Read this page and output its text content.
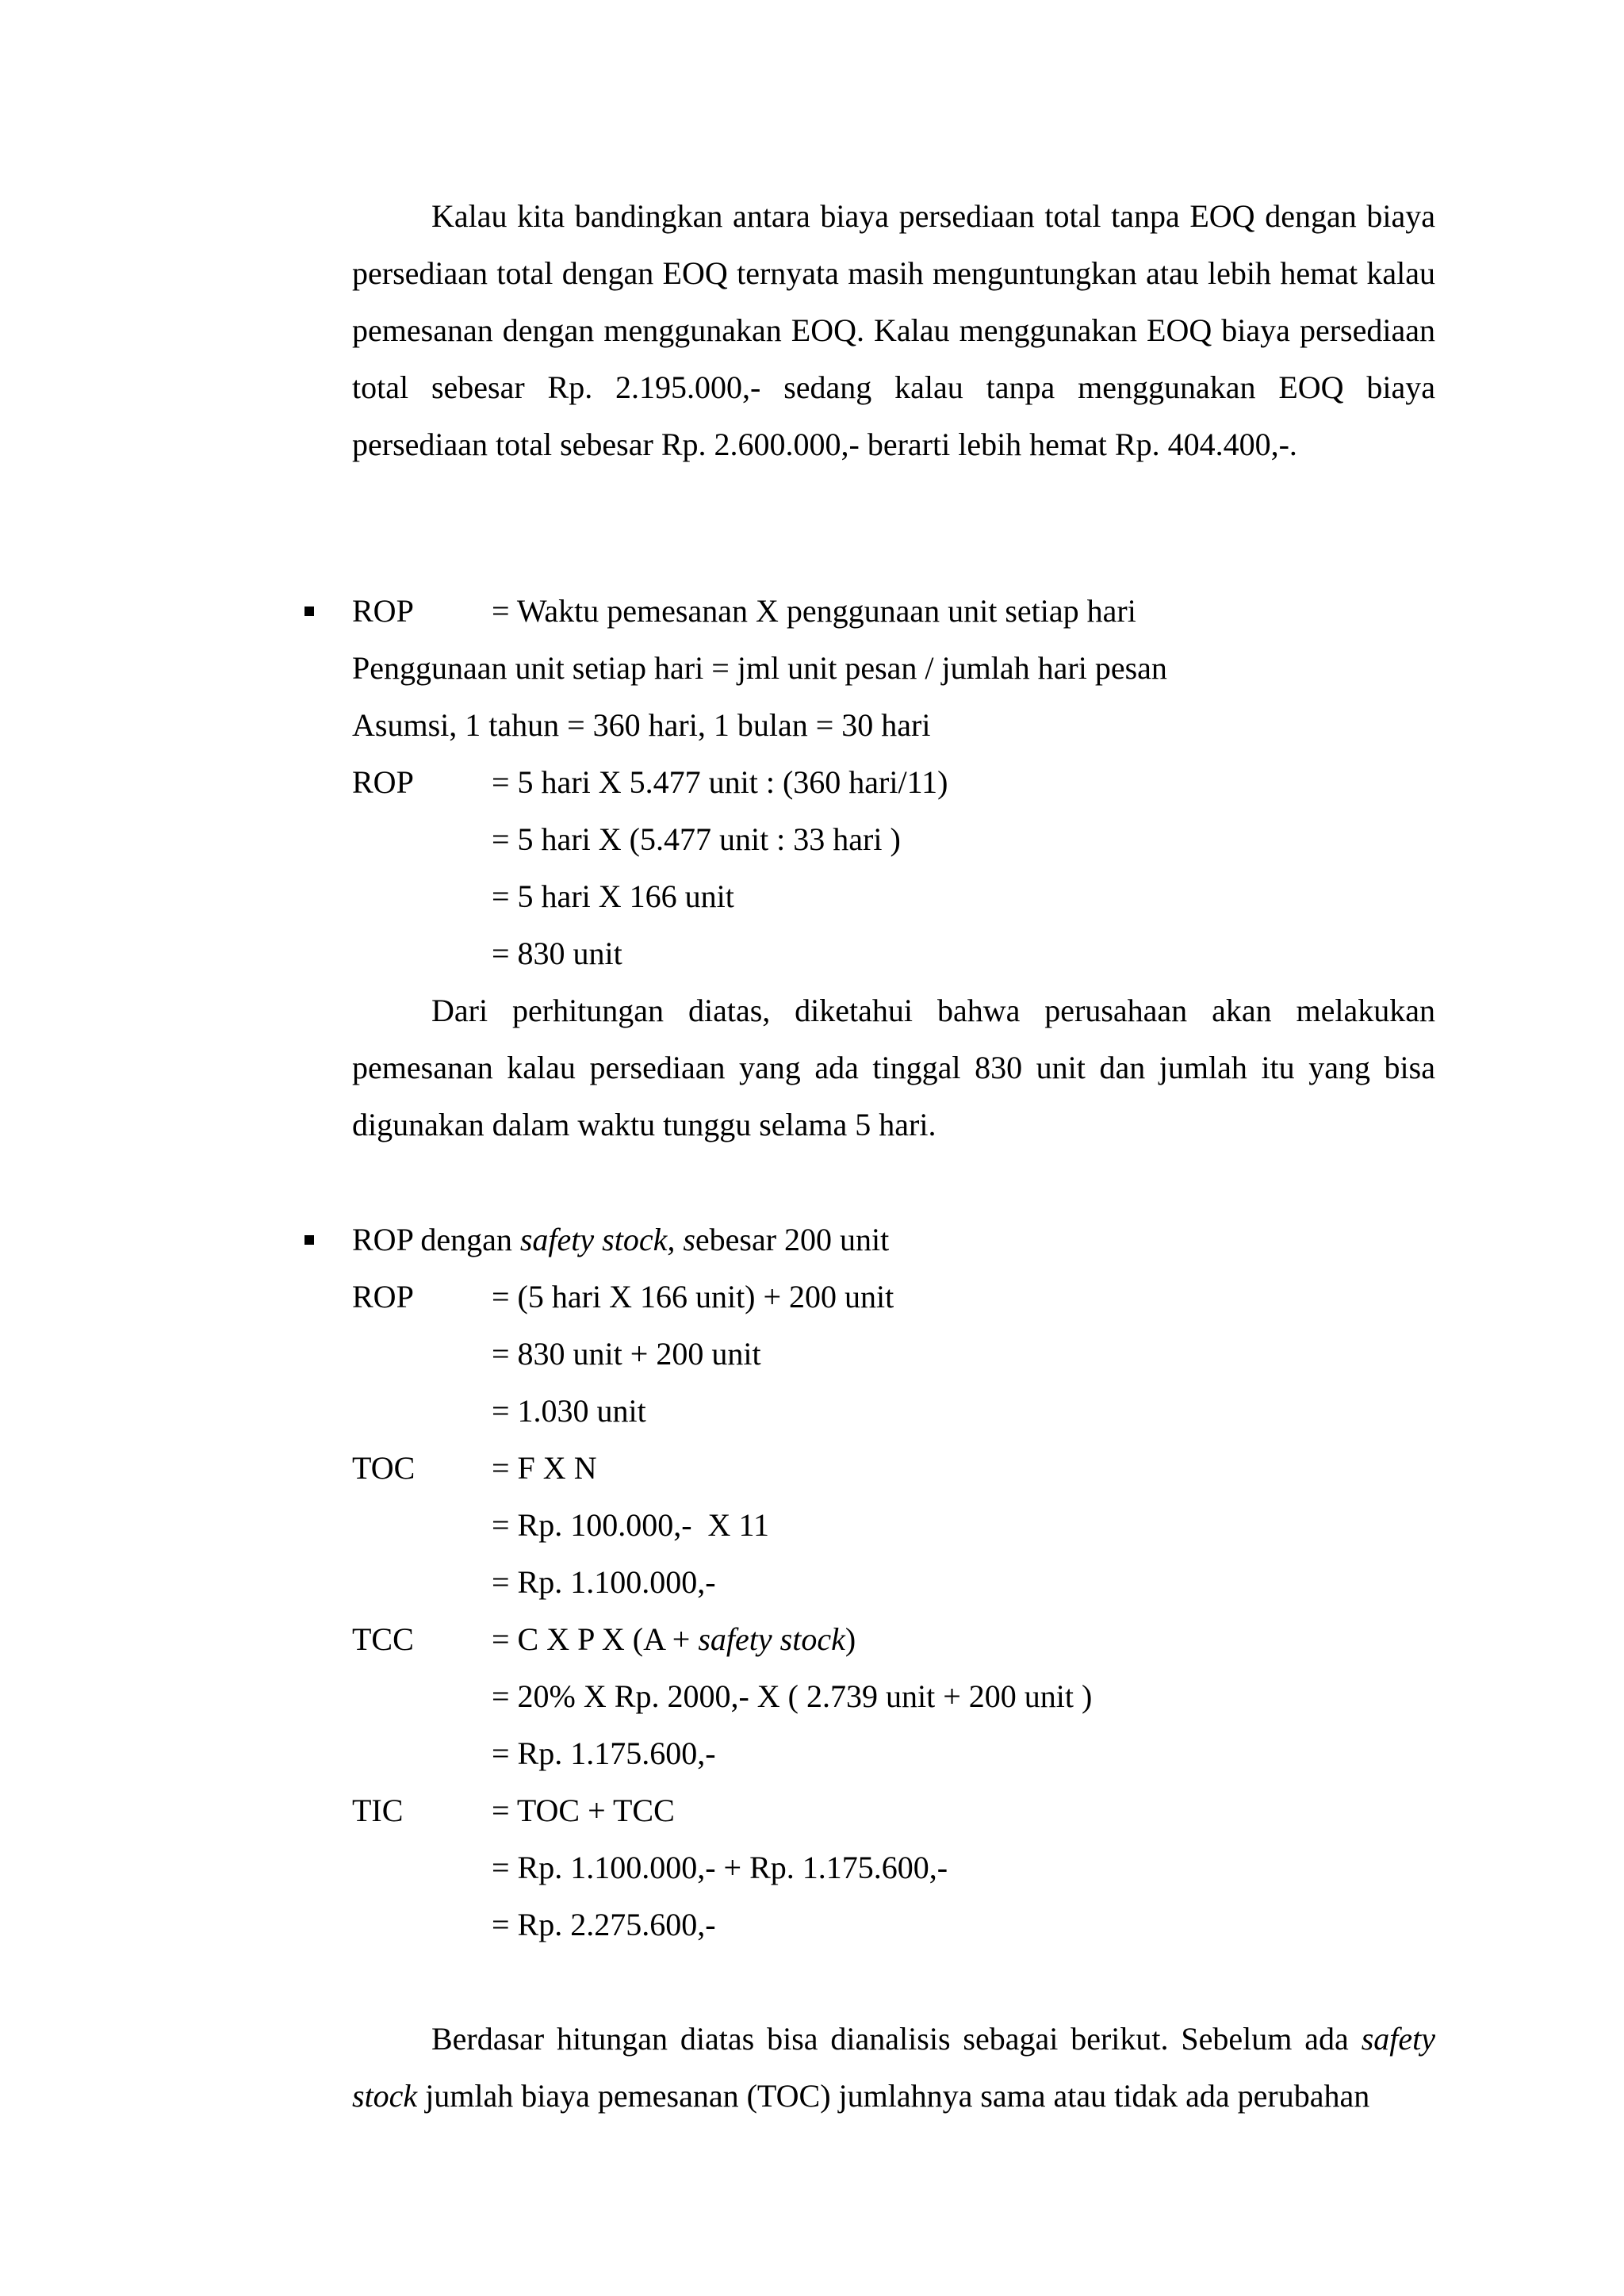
Kalau kita bandingkan antara biaya persediaan total tanpa EOQ dengan biaya persediaan total dengan EOQ ternyata masih menguntungkan atau lebih hemat kalau pemesanan dengan menggunakan EOQ. Kalau menggunakan EOQ biaya persediaan total sebesar Rp. 2.195.000,- sedang kalau tanpa menggunakan EOQ biaya persediaan total sebesar Rp. 2.600.000,- berarti lebih hemat Rp. 404.400,-.

ROP = Waktu pemesanan X penggunaan unit setiap hari
Penggunaan unit setiap hari = jml unit pesan / jumlah hari pesan
Asumsi, 1 tahun = 360 hari, 1 bulan = 30 hari
ROP = 5 hari X 5.477 unit : (360 hari/11)
= 5 hari X (5.477 unit : 33 hari )
= 5 hari X 166 unit
= 830 unit

Dari perhitungan diatas, diketahui bahwa perusahaan akan melakukan pemesanan kalau persediaan yang ada tinggal 830 unit dan jumlah itu yang bisa digunakan dalam waktu tunggu selama 5 hari.

ROP dengan safety stock, sebesar 200 unit
ROP = (5 hari X 166 unit) + 200 unit
= 830 unit + 200 unit
= 1.030 unit
TOC = F X N
= Rp. 100.000,-  X 11
= Rp. 1.100.000,-
TCC = C X P X (A + safety stock)
= 20% X Rp. 2000,- X ( 2.739 unit + 200 unit )
= Rp. 1.175.600,-
TIC	= TOC + TCC
= Rp. 1.100.000,- + Rp. 1.175.600,-
= Rp. 2.275.600,-

Berdasar hitungan diatas bisa dianalisis sebagai berikut. Sebelum ada safety stock jumlah biaya pemesanan (TOC) jumlahnya sama atau tidak ada perubahan
